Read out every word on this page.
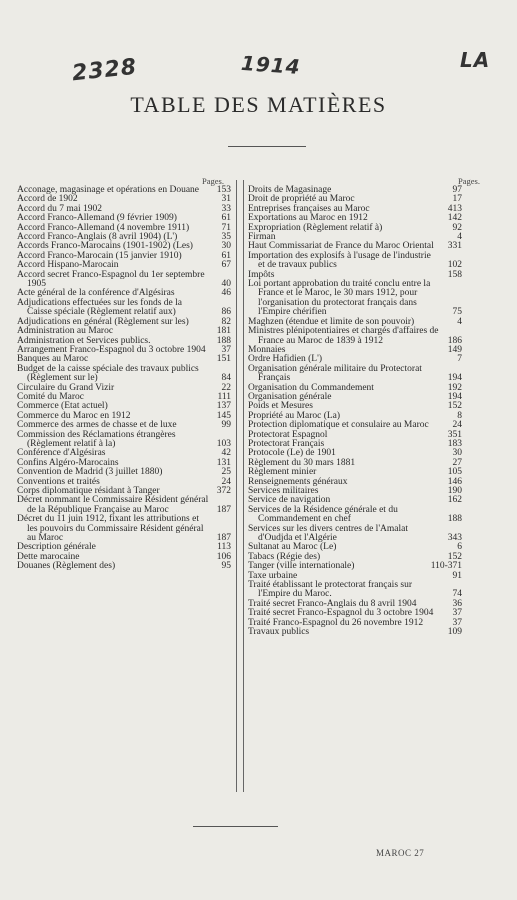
2328	1914	LA
TABLE DES MATIÈRES
Pages.	Pages.

Acconage, magasinage et opérations en Douane 153

Accord de 1902	31

Accord du 7 mai 1902	33

Accord Franco-Allemand (9 février 1909)	61

Accord Franco-Allemand (4 novembre 1911)	71

Accord Franco-Anglais (8 avril 1904) (L')	35

Accords Franco-Marocains (1901-1902) (Les)	30

Accord Franco-Marocain (15 janvier 1910)	61

Accord Hispano-Marocain	67

Accord secret Franco-Espagnol du 1er septembre 1905	40

Acte général de la conférence d'Algésiras	46

Adjudications effectuées sur les fonds de la Caisse spéciale (Règlement relatif aux)	86

Adjudications en général (Règlement sur les)	82

Administration au Maroc	181

Administration et Services publics.	188

Arrangement Franco-Espagnol du 3 octobre 1904 37

Banques au Maroc	151

Budget de la caisse spéciale des travaux publics (Règlement sur le)	84

Circulaire du Grand Vizir	22

Comité du Maroc	111

Commerce (Etat actuel)	137

Commerce du Maroc en 1912	145

Commerce des armes de chasse et de luxe	99

Commission des Réclamations étrangères (Règlement relatif à la)	103

Conférence d'Algésiras	42

Confins Algéro-Marocains	131

Convention de Madrid (3 juillet 1880)	25

Conventions et traités	24

Corps diplomatique résidant à Tanger	372

Décret nommant le Commissaire Résident général de la République Française au Maroc	187

Décret du 11 juin 1912, fixant les attributions et les pouvoirs du Commissaire Résident général au Maroc	187

Description générale	113

Dette marocaine	106

Douanes (Règlement des)	95

Droits de Magasinage	97

Droit de propriété au Maroc	17

Entreprises françaises au Maroc	413

Exportations au Maroc en 1912	142

Expropriation (Règlement relatif à)	92

Firman	4

Haut Commissariat de France du Maroc Oriental 331

Importation des explosifs à l'usage de l'industrie et de travaux publics	102

Impôts	158

Loi portant approbation du traité conclu entre la France et le Maroc, le 30 mars 1912, pour l'organisation du protectorat français dans l'Empire chérifien	75

Maghzen (étendue et limite de son pouvoir)	4

Ministres plénipotentiaires et chargés d'affaires de France au Maroc de 1839 à 1912	186

Monnaies	149

Ordre Hafidien (L')	7

Organisation générale militaire du Protectorat Français	194

Organisation du Commandement	192

Organisation générale	194

Poids et Mesures	152

Propriété au Maroc (La)	8

Protection diplomatique et consulaire au Maroc	24

Protectorat Espagnol	351

Protectorat Français	183

Protocole (Le) de 1901	30

Règlement du 30 mars 1881	27

Règlement minier	105

Renseignements généraux	146

Services militaires	190

Service de navigation	162

Services de la Résidence générale et du Commandement en chef	188

Services sur les divers centres de l'Amalat d'Oudjda et l'Algérie	343

Sultanat au Maroc (Le)	6

Tabacs (Régie des)	152

Tanger (ville internationale)	110-371

Taxe urbaine	91

Traité établissant le protectorat français sur l'Empire du Maroc.	74

Traité secret Franco-Anglais du 8 avril 1904	36

Traité secret Franco-Espagnol du 3 octobre 1904 37

Traité Franco-Espagnol du 26 novembre 1912	37

Travaux publics	109

MAROC 27
